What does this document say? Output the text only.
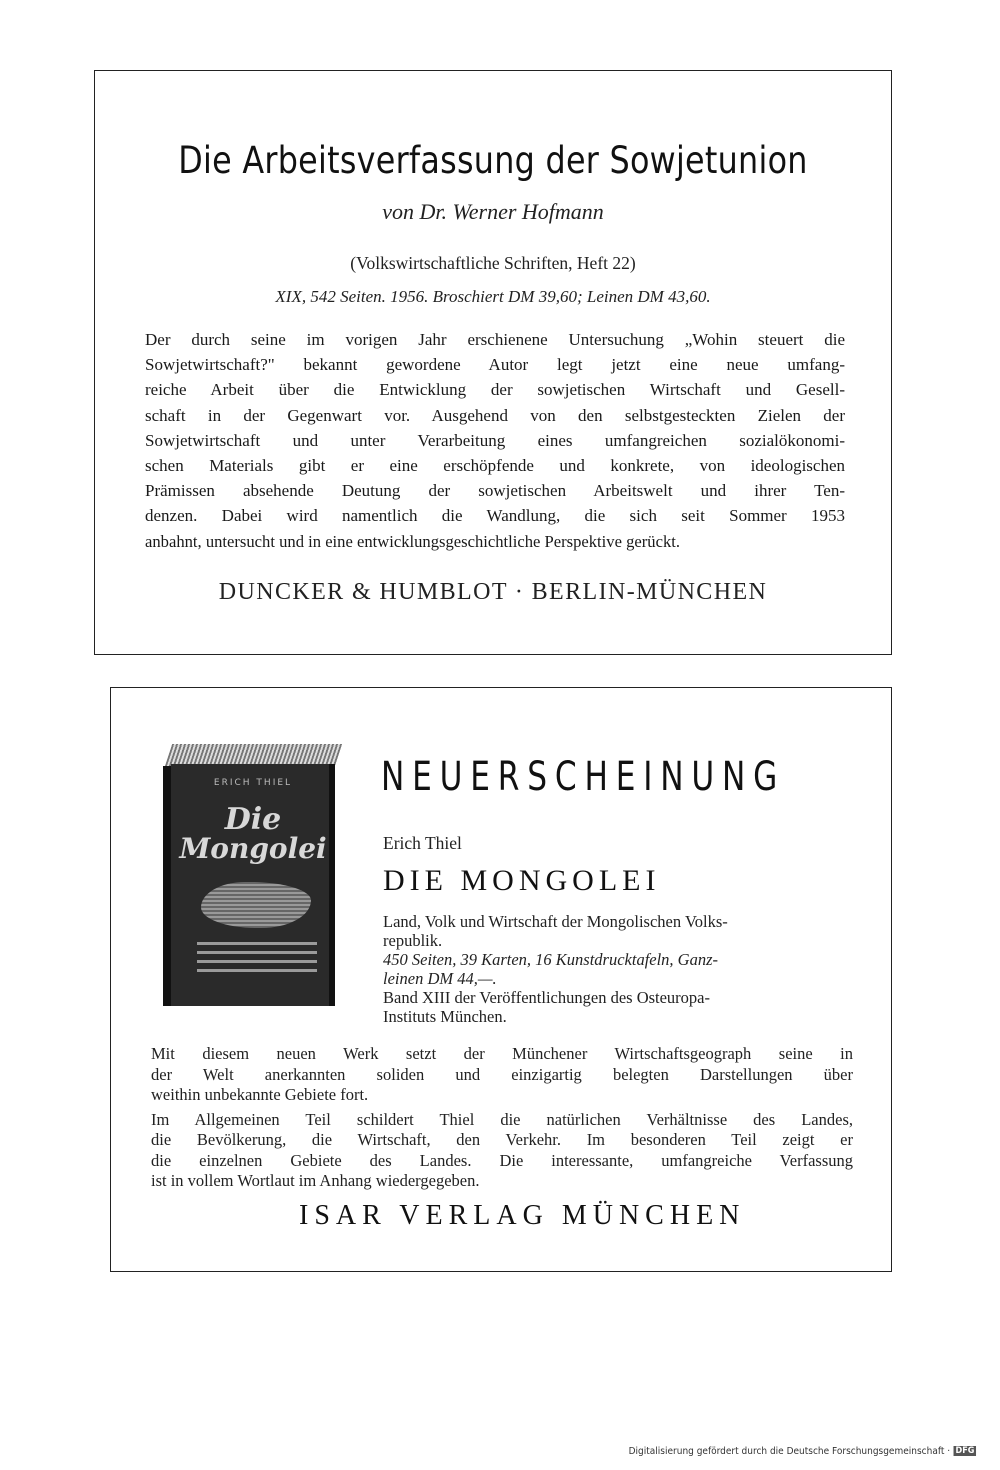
Die Arbeitsverfassung der Sowjetunion
von Dr. Werner Hofmann
(Volkswirtschaftliche Schriften, Heft 22)
XIX, 542 Seiten. 1956. Broschiert DM 39,60; Leinen DM 43,60.
Der durch seine im vorigen Jahr erschienene Untersuchung „Wohin steuert die
Sowjetwirtschaft?" bekannt gewordene Autor legt jetzt eine neue umfang-
reiche Arbeit über die Entwicklung der sowjetischen Wirtschaft und Gesell-
schaft in der Gegenwart vor. Ausgehend von den selbstgesteckten Zielen der
Sowjetwirtschaft und unter Verarbeitung eines umfangreichen sozialökonomi-
schen Materials gibt er eine erschöpfende und konkrete, von ideologischen
Prämissen absehende Deutung der sowjetischen Arbeitswelt und ihrer Ten-
denzen. Dabei wird namentlich die Wandlung, die sich seit Sommer 1953
anbahnt, untersucht und in eine entwicklungsgeschichtliche Perspektive gerückt.
DUNCKER & HUMBLOT · BERLIN-MÜNCHEN
ERICH THIEL
Die
Mongolei
NEUERSCHEINUNG
Erich Thiel
DIE MONGOLEI
Land, Volk und Wirtschaft der Mongolischen Volks-
republik.
450 Seiten, 39 Karten, 16 Kunstdrucktafeln, Ganz-
leinen DM 44,—.
Band XIII der Veröffentlichungen des Osteuropa-
Instituts München.
Mit diesem neuen Werk setzt der Münchener Wirtschaftsgeograph seine in
der Welt anerkannten soliden und einzigartig belegten Darstellungen über
weithin unbekannte Gebiete fort.
Im Allgemeinen Teil schildert Thiel die natürlichen Verhältnisse des Landes,
die Bevölkerung, die Wirtschaft, den Verkehr. Im besonderen Teil zeigt er
die einzelnen Gebiete des Landes. Die interessante, umfangreiche Verfassung
ist in vollem Wortlaut im Anhang wiedergegeben.
ISAR VERLAG MÜNCHEN
Digitalisierung gefördert durch die Deutsche Forschungsgemeinschaft · DFG
